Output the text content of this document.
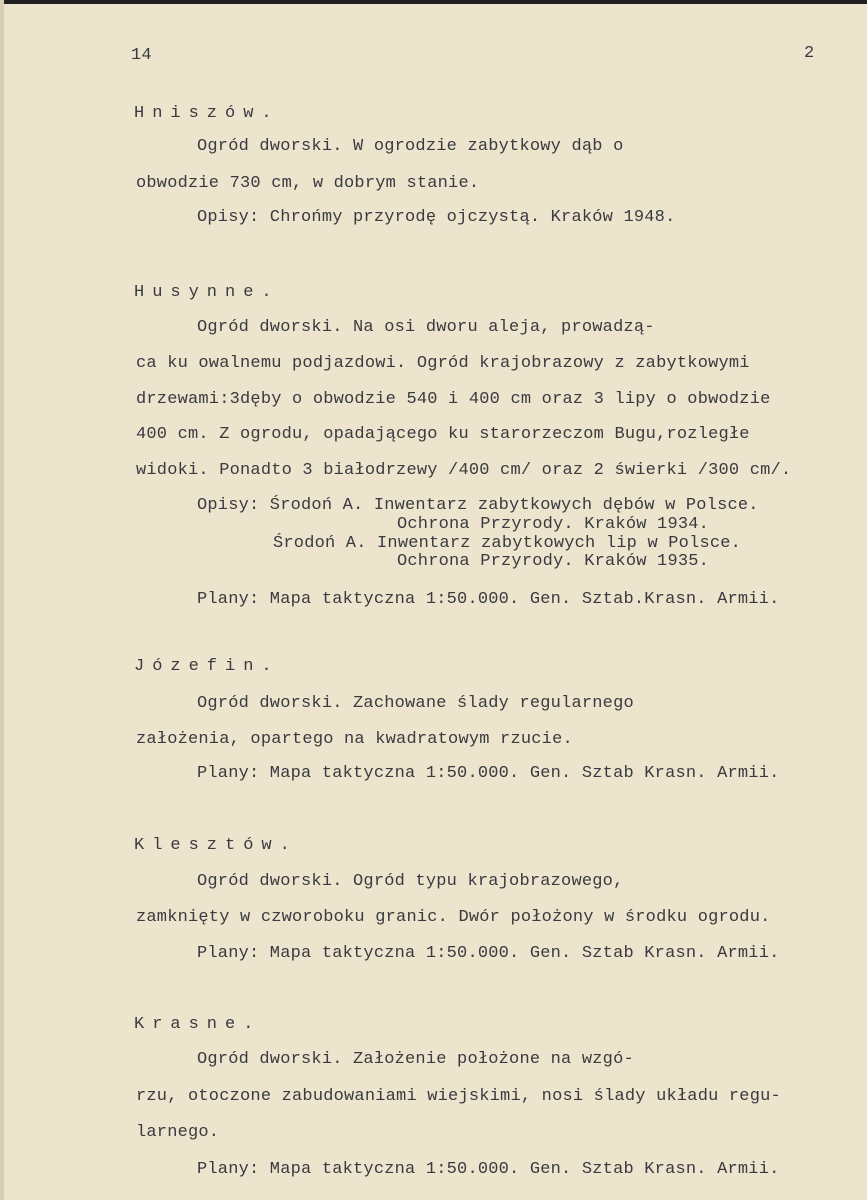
14	2
Hniszów.
Ogród dworski. W ogrodzie zabytkowy dąb o
obwodzie 730 cm, w dobrym stanie.
Opisy: Chrońmy przyrodę ojczystą. Kraków 1948.
Husynne.
Ogród dworski. Na osi dworu aleja, prowadzą-
ca ku owalnemu podjazdowi. Ogród krajobrazowy z zabytkowymi
drzewami:3dęby o obwodzie 540 i 400 cm oraz 3 lipy o obwodzie
400 cm. Z ogrodu, opadającego ku starorzeczom Bugu,rozległe
widoki. Ponadto 3 białodrzewy /400 cm/ oraz 2 świerki /300 cm/.
Opisy: Środoń A. Inwentarz zabytkowych dębów w Polsce.
Ochrona Przyrody. Kraków 1934.
Środoń A. Inwentarz zabytkowych lip w Polsce.
Ochrona Przyrody. Kraków 1935.
Plany: Mapa taktyczna 1:50.000. Gen. Sztab.Krasn. Armii.
Józefin.
Ogród dworski. Zachowane ślady regularnego
założenia, opartego na kwadratowym rzucie.
Plany: Mapa taktyczna 1:50.000. Gen. Sztab Krasn. Armii.
Klesztów.
Ogród dworski. Ogród typu krajobrazowego,
zamknięty w czworoboku granic. Dwór położony w środku ogrodu.
Plany: Mapa taktyczna 1:50.000. Gen. Sztab Krasn. Armii.
Krasne.
Ogród dworski. Założenie położone na wzgó-
rzu, otoczone zabudowaniami wiejskimi, nosi ślady układu regu-
larnego.
Plany: Mapa taktyczna 1:50.000. Gen. Sztab Krasn. Armii.
